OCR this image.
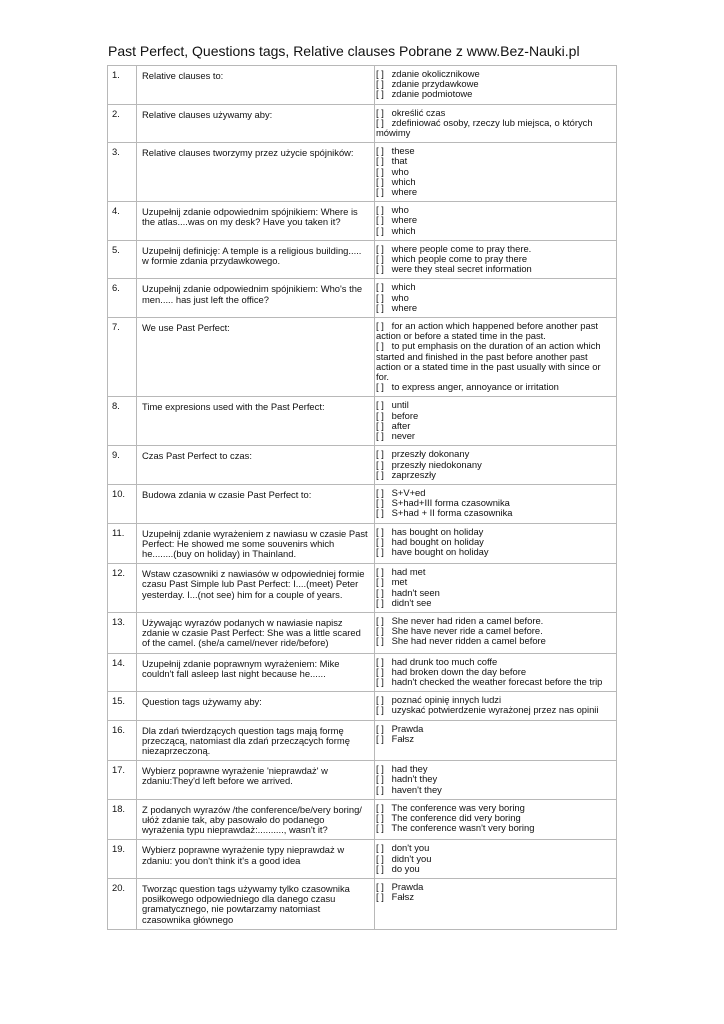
Past Perfect, Questions tags, Relative clauses Pobrane z www.Bez-Nauki.pl
1.	Relative clauses to:	[ ] zdanie okolicznikowe
[ ] zdanie przydawkowe
[ ] zdanie podmiotowe

2.	Relative clauses używamy aby:	[ ] określić czas
[ ] zdefiniować osoby, rzeczy lub miejsca, o których mówimy

3.	Relative clauses tworzymy przez użycie spójników:	[ ] these
[ ] that
[ ] who
[ ] which
[ ] where

4.	Uzupełnij zdanie odpowiednim spójnikiem: Where is the atlas....was on my desk? Have you taken it?	[ ] who
[ ] where
[ ] which

5.	Uzupełnij definicję: A temple is a religious building..... w formie zdania przydawkowego.	[ ] where people come to pray there.
[ ] which people come to pray there
[ ] were they steal secret information

6.	Uzupełnij zdanie odpowiednim spójnikiem: Who's the men..... has just left the office?	[ ] which
[ ] who
[ ] where

7.	We use Past Perfect:	[ ] for an action which happened before another past action or before a stated time in the past.
[ ] to put emphasis on the duration of an action which started and finished in the past before another past action or a stated time in the past usually with since or for.
[ ] to express anger, annoyance or irritation

8.	Time expresions used with the Past Perfect:	[ ] until
[ ] before
[ ] after
[ ] never

9.	Czas Past Perfect to czas:	[ ] przeszły dokonany
[ ] przeszły niedokonany
[ ] zaprzeszły

10.	Budowa zdania w czasie Past Perfect to:	[ ] S+V+ed
[ ] S+had+III forma czasownika
[ ] S+had + II forma czasownika

11.	Uzupełnij zdanie wyrażeniem z nawiasu w czasie Past Perfect: He showed me some souvenirs which he........(buy on holiday) in Thainland.	[ ] has bought on holiday
[ ] had bought on holiday
[ ] have bought on holiday

12.	Wstaw czasowniki z nawiasów w odpowiedniej formie czasu Past Simple lub Past Perfect: I....(meet) Peter yesterday. I...(not see) him for a couple of years.	[ ] had met
[ ] met
[ ] hadn't seen
[ ] didn't see

13.	Używając wyrazów podanych w nawiasie napisz zdanie w czasie Past Perfect: She was a little scared of the camel. (she/a camel/never ride/before)	[ ] She never had riden a camel before.
[ ] She have never ride a camel before.
[ ] She had never ridden a camel before

14.	Uzupełnij zdanie poprawnym wyrażeniem: Mike couldn't fall asleep last night because he......	[ ] had drunk too much coffe
[ ] had broken down the day before
[ ] hadn't checked the weather forecast before the trip

15.	Question tags używamy aby:	[ ] poznać opinię innych ludzi
[ ] uzyskać potwierdzenie wyrażonej przez nas opinii

16.	Dla zdań twierdzących question tags mają formę przeczącą, natomiast dla zdań przeczących formę niezaprzeczoną.	[ ] Prawda
[ ] Fałsz

17.	Wybierz poprawne wyrażenie 'nieprawdaż' w zdaniu:They'd left before we arrived.	[ ] had they
[ ] hadn't they
[ ] haven't they

18.	Z podanych wyrazów /the conference/be/very boring/ ułóż zdanie tak, aby pasowało do podanego wyrażenia typu nieprawdaż:.........., wasn't it?	[ ] The conference was very boring
[ ] The conference did very boring
[ ] The conference wasn't very boring

19.	Wybierz poprawne wyrażenie typy nieprawdaż w zdaniu: you don't think it's a good idea	[ ] don't you
[ ] didn't you
[ ] do you

20.	Tworząc question tags używamy tylko czasownika posiłkowego odpowiedniego dla danego czasu gramatycznego, nie powtarzamy natomiast czasownika głównego	[ ] Prawda
[ ] Fałsz
